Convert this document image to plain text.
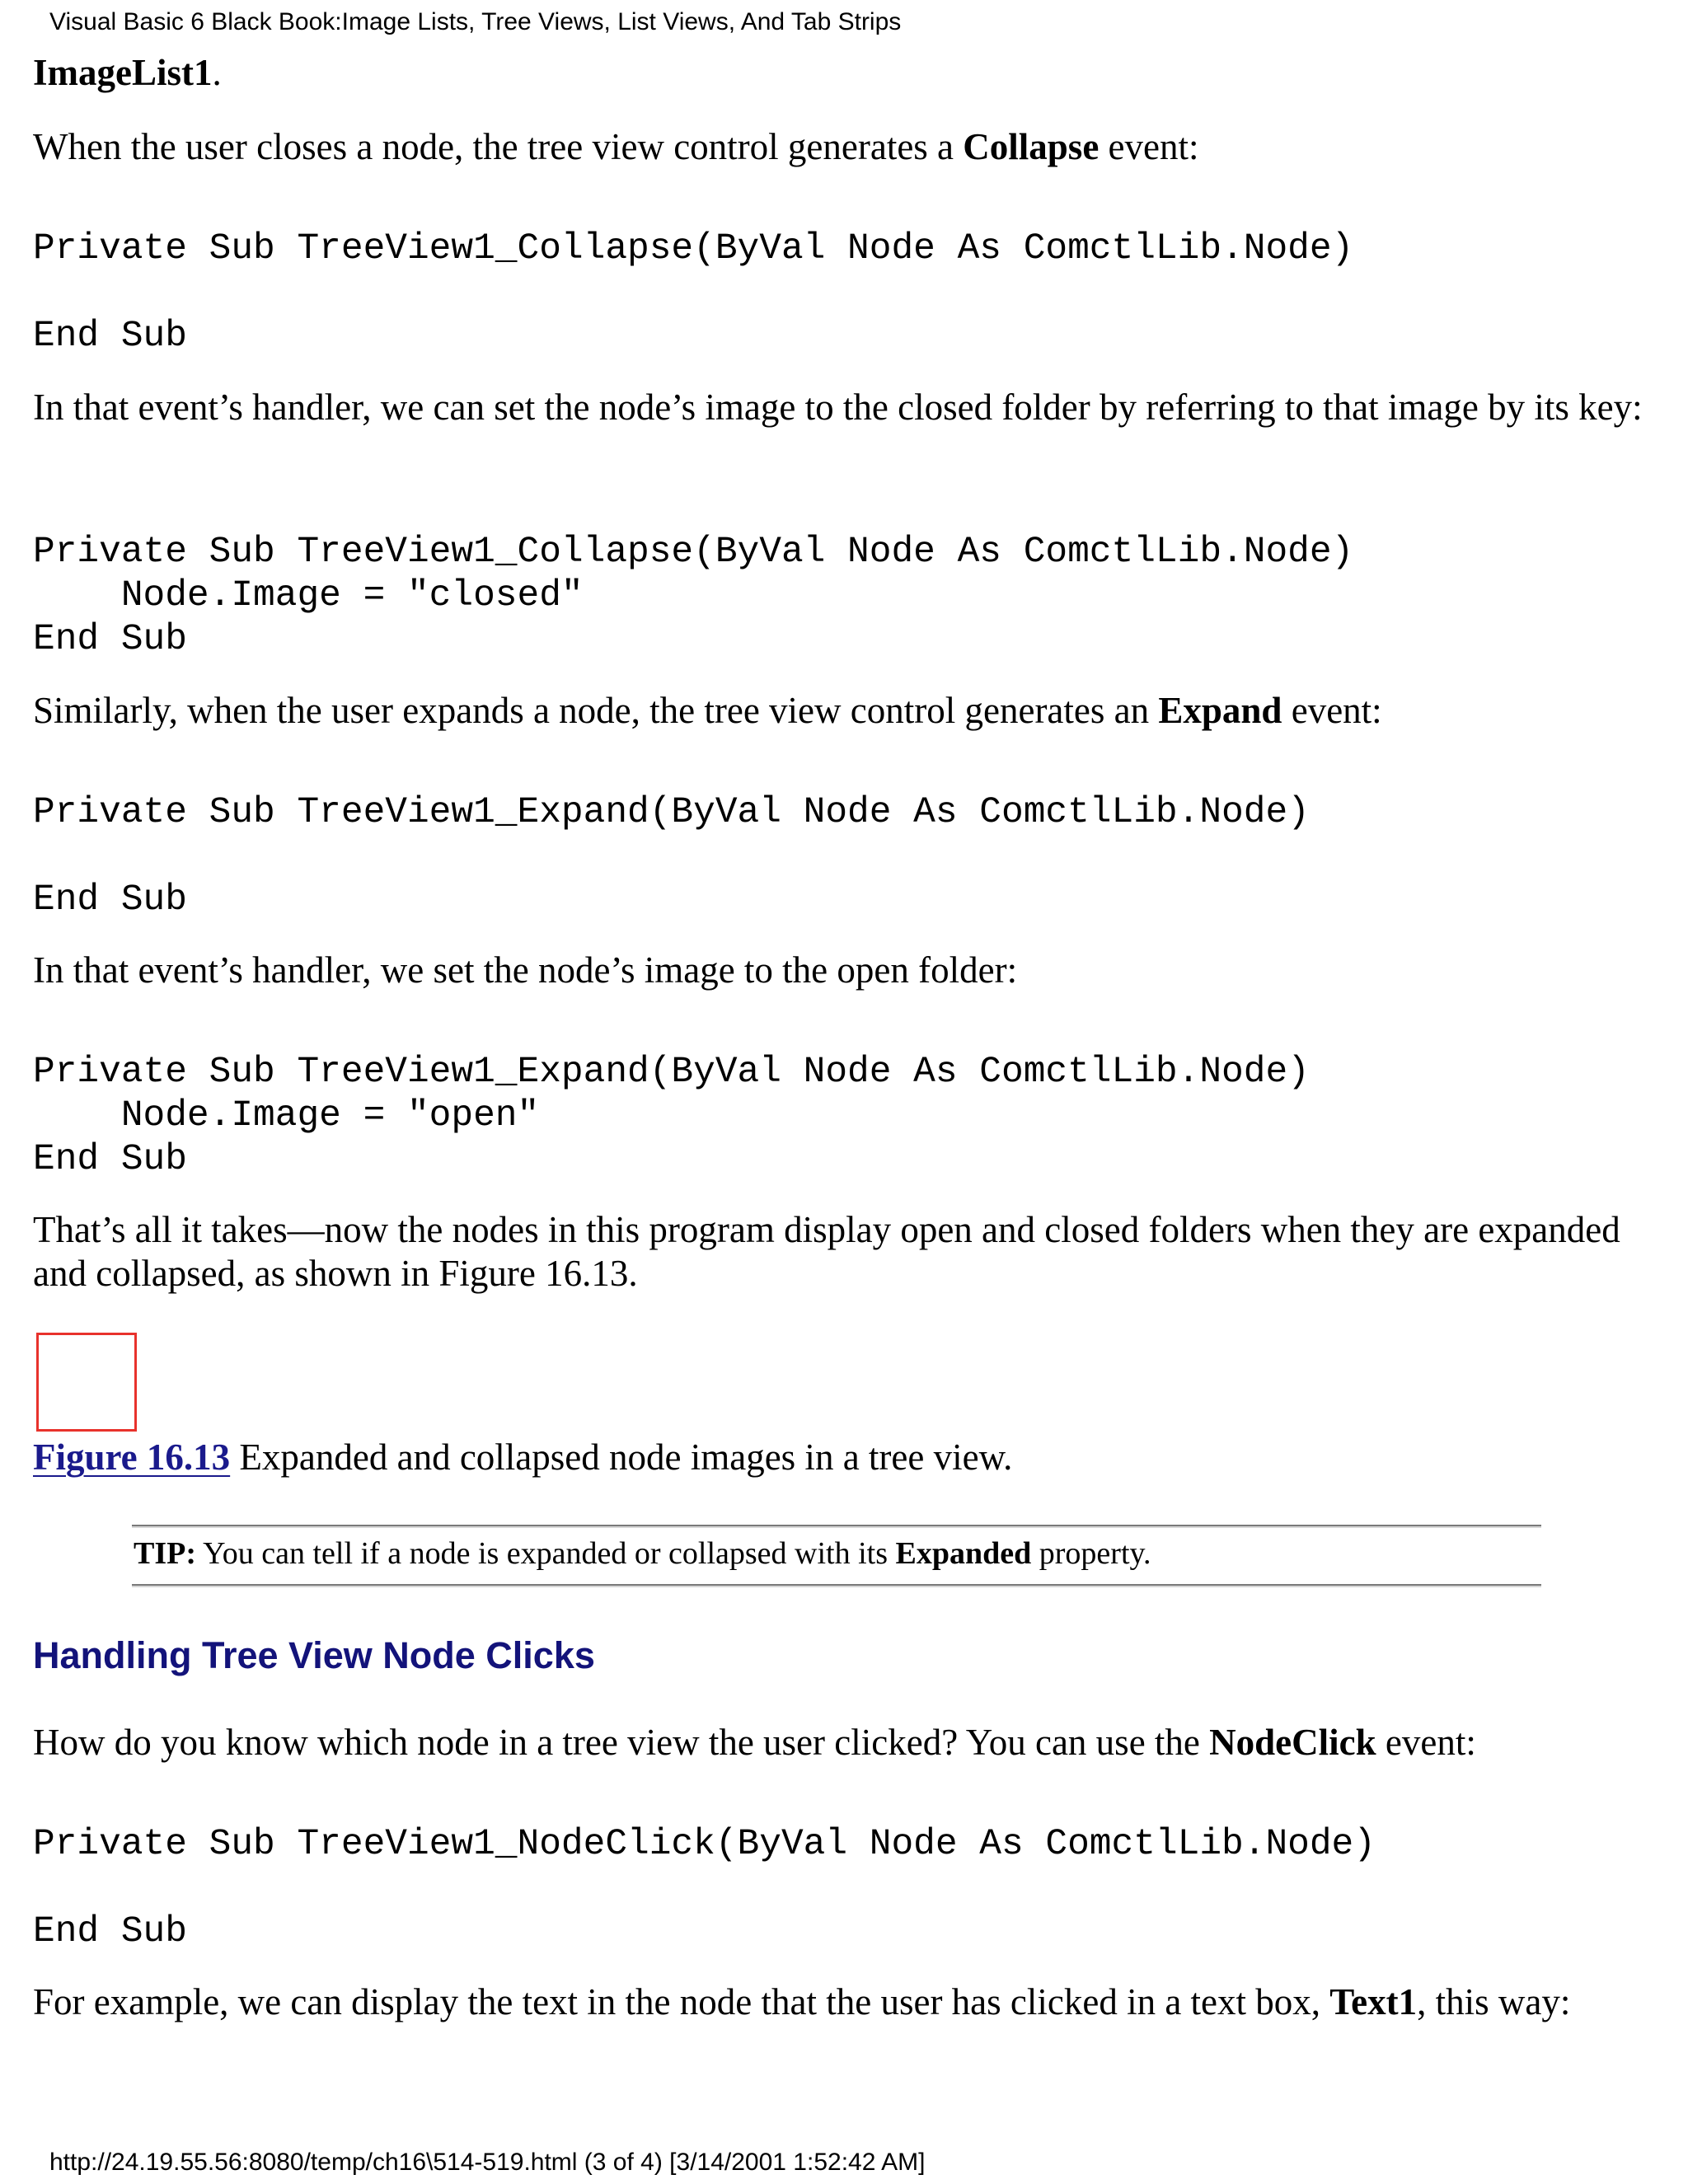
Visual Basic 6 Black Book:Image Lists, Tree Views, List Views, And Tab Strips
ImageList1.
When the user closes a node, the tree view control generates a Collapse event:
Private Sub TreeView1_Collapse(ByVal Node As ComctlLib.Node)

End Sub
In that event’s handler, we can set the node’s image to the closed folder by referring to that image by its key:
Private Sub TreeView1_Collapse(ByVal Node As ComctlLib.Node)
Node.Image = "closed"
End Sub
Similarly, when the user expands a node, the tree view control generates an Expand event:
Private Sub TreeView1_Expand(ByVal Node As ComctlLib.Node)

End Sub
In that event’s handler, we set the node’s image to the open folder:
Private Sub TreeView1_Expand(ByVal Node As ComctlLib.Node)
Node.Image = "open"
End Sub
That’s all it takes—now the nodes in this program display open and closed folders when they are expanded and collapsed, as shown in Figure 16.13.
Figure 16.13 Expanded and collapsed node images in a tree view.
TIP: You can tell if a node is expanded or collapsed with its Expanded property.
Handling Tree View Node Clicks
How do you know which node in a tree view the user clicked? You can use the NodeClick event:
Private Sub TreeView1_NodeClick(ByVal Node As ComctlLib.Node)

End Sub
For example, we can display the text in the node that the user has clicked in a text box, Text1, this way:
http://24.19.55.56:8080/temp/ch16\514-519.html (3 of 4) [3/14/2001 1:52:42 AM]
